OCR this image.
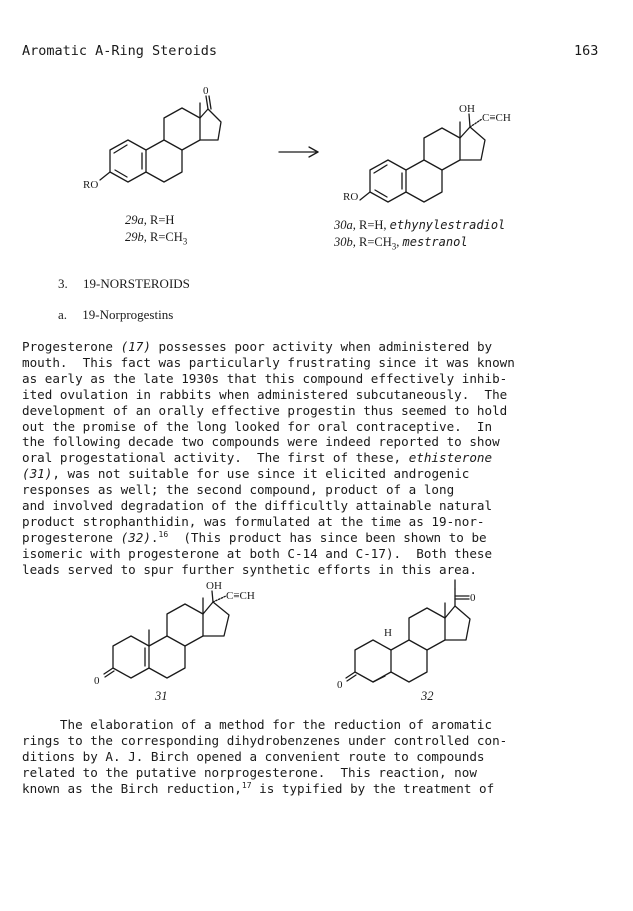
Aromatic A-Ring Steroids	163
0
RO
OH
C≡CH
RO
29a, R=H
29b, $R=CH_3$
30a, R=H, ethynylestradiol
30b, $R=CH_3$, mestranol
3. 19-NORSTEROIDS
a. 19-Norprogestins
Progesterone (17) possesses poor activity when administered by
mouth.  This fact was particularly frustrating since it was known
as early as the late 1930s that this compound effectively inhib-
ited ovulation in rabbits when administered subcutaneously.  The
development of an orally effective progestin thus seemed to hold
out the promise of the long looked for oral contraceptive.  In
the following decade two compounds were indeed reported to show
oral progestational activity.  The first of these, ethisterone
(31), was not suitable for use since it elicited androgenic
responses as well; the second compound, product of a long
and involved degradation of the difficultly attainable natural
product strophanthidin, was formulated at the time as 19-nor-
progesterone (32).$^{16}$  (This product has since been shown to be
isomeric with progesterone at both C-14 and C-17).  Both these
leads served to spur further synthetic efforts in this area.
OH
C≡CH
0
0
H
0
31	32
The elaboration of a method for the reduction of aromatic
rings to the corresponding dihydrobenzenes under controlled con-
ditions by A. J. Birch opened a convenient route to compounds
related to the putative norprogesterone.  This reaction, now
known as the Birch reduction,$^{17}$ is typified by the treatment of
